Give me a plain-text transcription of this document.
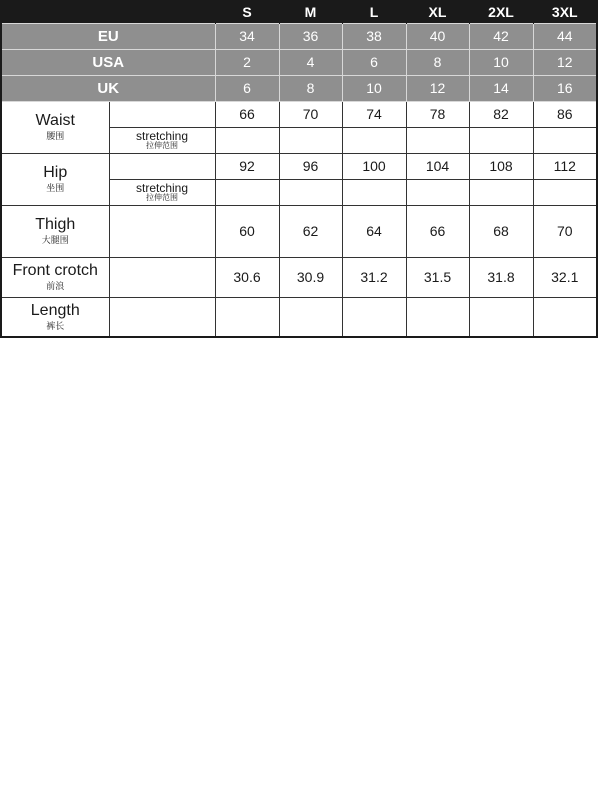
		S	M	L	XL	2XL	3XL
EU		34	36	38	40	42	44
USA		2	4	6	8	10	12
UK		6	8	10	12	14	16

Waist
腰围		66	70	74	78	82	86

	stretching
拉伸范围						

Hip
坐围		92	96	100	104	108	112

	stretching
拉伸范围						

Thigh
大腿围		60	62	64	66	68	70

Front crotch
前浪		30.6	30.9	31.2	31.5	31.8	32.1

Length
裤长							
